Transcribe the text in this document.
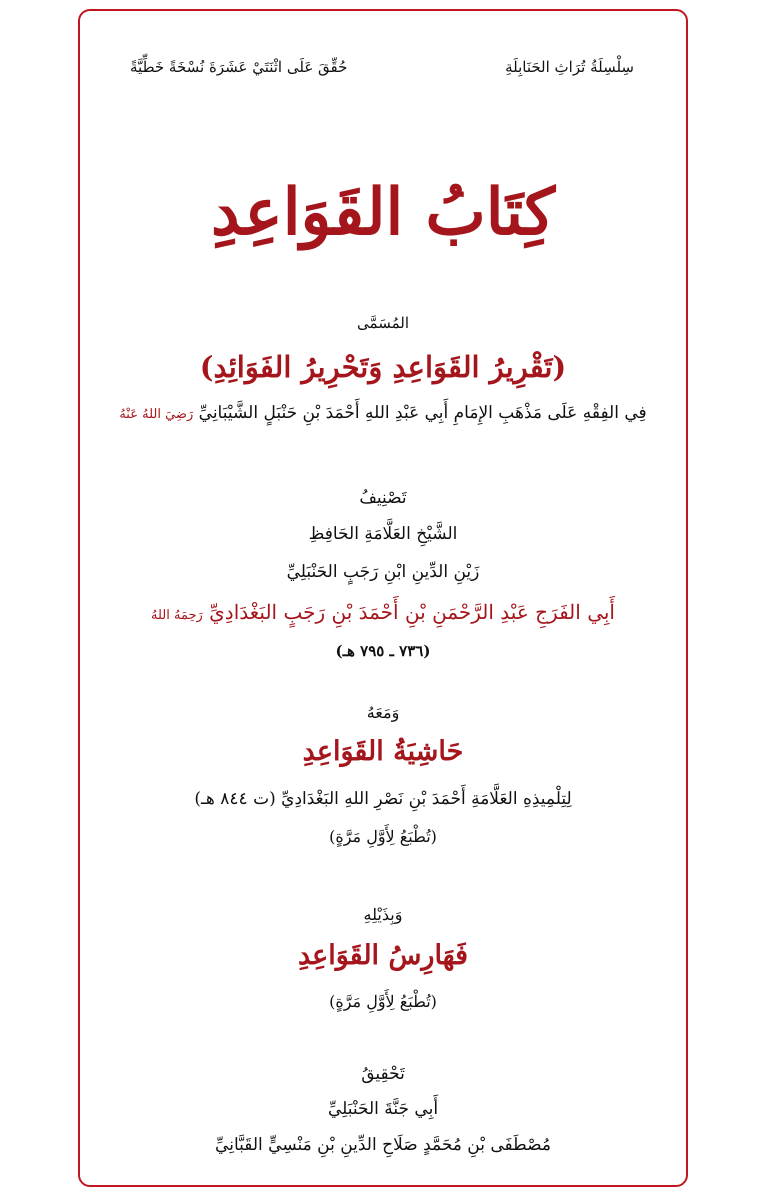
سِلْسِلَةُ تُرَاثِ الحَنَابِلَةِ
حُقِّقَ عَلَى اثْنَتَيْ عَشَرَةَ نُسْخَةً خَطِّيَّةً
كِتَابُ القَوَاعِدِ
المُسَمَّى
(تَقْرِيرُ القَوَاعِدِ وَتَحْرِيرُ الفَوَائِدِ)
فِي الفِقْهِ عَلَى مَذْهَبِ الإِمَامِ أَبِي عَبْدِ اللهِ أَحْمَدَ بْنِ حَنْبَلٍ الشَّيْبَانِيِّ رَضِيَ اللهُ عَنْهُ
تَصْنِيفُ
الشَّيْخِ العَلَّامَةِ الحَافِظِ
زَيْنِ الدِّينِ ابْنِ رَجَبٍ الحَنْبَلِيِّ
أَبِي الفَرَجِ عَبْدِ الرَّحْمَنِ بْنِ أَحْمَدَ بْنِ رَجَبٍ البَغْدَادِيِّ رَحِمَهُ اللهُ
(٧٣٦ ـ ٧٩٥ هـ)
وَمَعَهُ
حَاشِيَةُ القَوَاعِدِ
لِتِلْمِيذِهِ العَلَّامَةِ أَحْمَدَ بْنِ نَصْرِ اللهِ البَغْدَادِيِّ (ت ٨٤٤ هـ)
(تُطْبَعُ لِأَوَّلِ مَرَّةٍ)
وَبِذَيْلِهِ
فَهَارِسُ القَوَاعِدِ
(تُطْبَعُ لِأَوَّلِ مَرَّةٍ)
تَحْقِيقُ
أَبِي جَنَّةَ الحَنْبَلِيِّ
مُصْطَفَى بْنِ مُحَمَّدٍ صَلَاحِ الدِّينِ بْنِ مَنْسِيٍّ القَبَّانِيِّ
